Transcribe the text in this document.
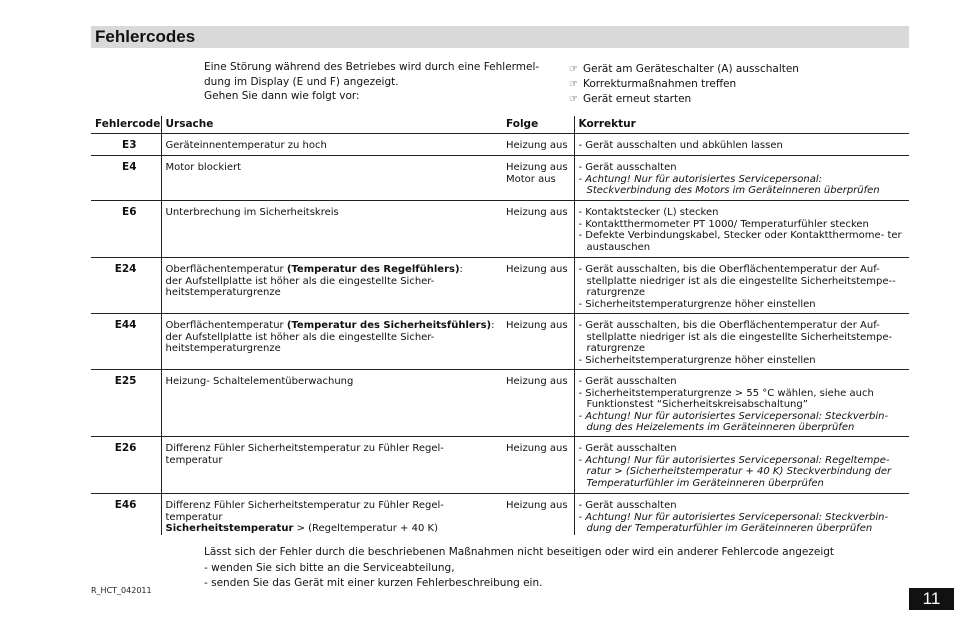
Fehlercodes
Eine Störung während des Betriebes wird durch eine Fehlermel-
dung im Display (E und F) angezeigt.
Gehen Sie dann wie folgt vor:
☞ Gerät am Geräteschalter (A) ausschalten
☞ Korrekturmaßnahmen treffen
☞ Gerät erneut starten
Fehlercode	Ursache	Folge	Korrektur
E3	Geräteinnentemperatur zu hoch	Heizung aus	- Gerät ausschalten und abkühlen lassen

E4	Motor blockiert	Heizung aus
Motor aus	- Gerät ausschalten
- Achtung! Nur für autorisiertes Servicepersonal: Steckverbindung des Motors im Geräteinneren überprüfen

E6	Unterbrechung im Sicherheitskreis	Heizung aus	- Kontaktstecker (L) stecken
- Kontaktthermometer PT 1000/ Temperaturfühler stecken
- Defekte Verbindungskabel, Stecker oder Kontaktthermome- ter austauschen

E24	Oberflächentemperatur (Temperatur des Regelfühlers):
der Aufstellplatte ist höher als die eingestellte Sicher- heitstemperaturgrenze	Heizung aus	- Gerät ausschalten, bis die Oberflächentemperatur der Auf- stellplatte niedriger ist als die eingestellte Sicherheitstempe-- raturgrenze
- Sicherheitstemperaturgrenze höher einstellen

E44	Oberflächentemperatur (Temperatur des Sicherheitsfühlers):
der Aufstellplatte ist höher als die eingestellte Sicher- heitstemperaturgrenze	Heizung aus	- Gerät ausschalten, bis die Oberflächentemperatur der Auf- stellplatte niedriger ist als die eingestellte Sicherheitstempe- raturgrenze
- Sicherheitstemperaturgrenze höher einstellen

E25	Heizung- Schaltelementüberwachung	Heizung aus	- Gerät ausschalten
- Sicherheitstemperaturgrenze > 55 °C wählen, siehe auch Funktionstest “Sicherheitskreisabschaltung”
- Achtung! Nur für autorisiertes Servicepersonal: Steckverbin- dung des Heizelements im Geräteinneren überprüfen

E26	Differenz Fühler Sicherheitstemperatur zu Fühler Regel- temperatur	Heizung aus	- Gerät ausschalten
- Achtung! Nur für autorisiertes Servicepersonal: Regeltempe- ratur > (Sicherheitstemperatur + 40 K) Steckverbindung der Temperaturfühler im Geräteinneren überprüfen

E46	Differenz Fühler Sicherheitstemperatur zu Fühler Regel- temperatur
Sicherheitstemperatur > (Regeltemperatur + 40 K)	Heizung aus	- Gerät ausschalten
- Achtung! Nur für autorisiertes Servicepersonal: Steckverbin- dung der Temperaturfühler im Geräteinneren überprüfen

Lässt sich der Fehler durch die beschriebenen Maßnahmen nicht beseitigen oder wird ein anderer Fehlercode angezeigt

- wenden Sie sich bitte an die Serviceabteilung,

- senden Sie das Gerät mit einer kurzen Fehlerbeschreibung ein.

R_HCT_042011	11
